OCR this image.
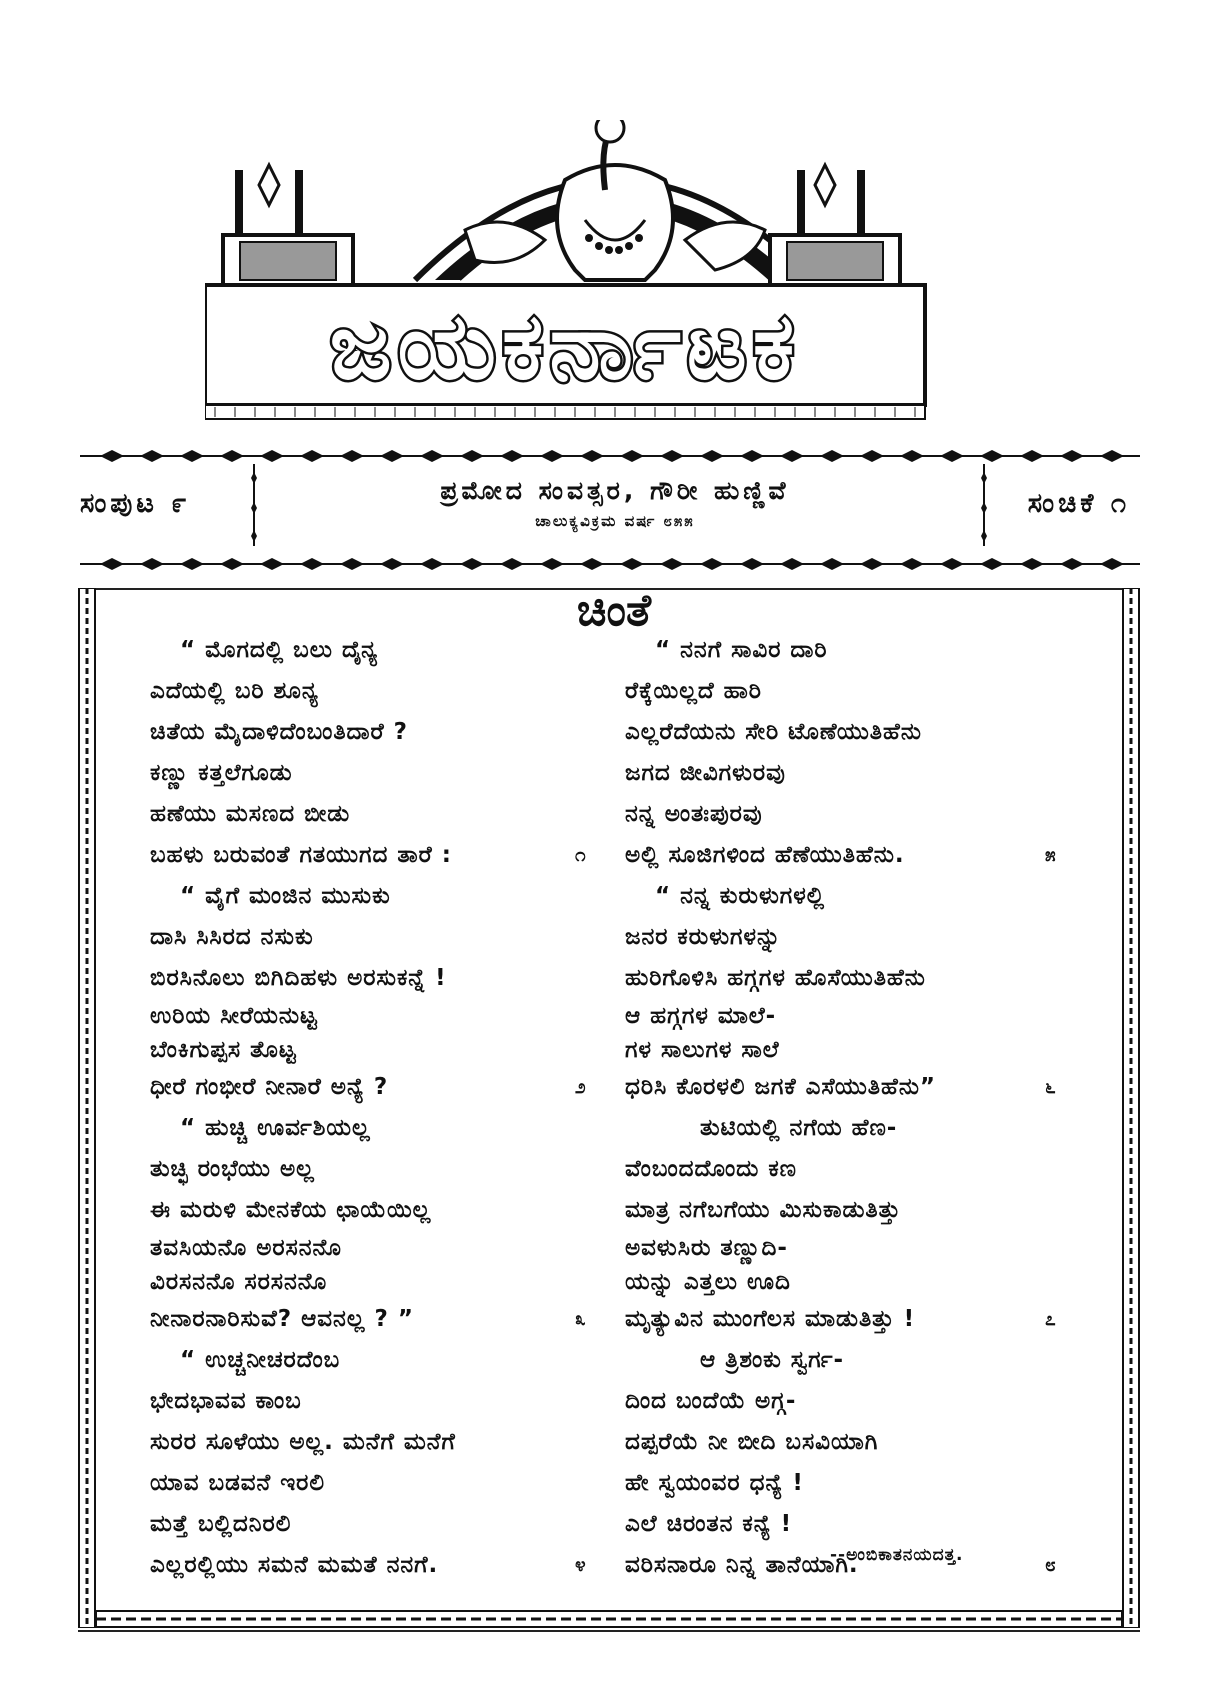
ಜಯಕರ್ನಾಟಕ
ಸಂಪುಟ ೯	ಪ್ರಮೋದ ಸಂವತ್ಸರ, ಗೌರೀ ಹುಣ್ಣಿವೆ
ಚಾಲುಕ್ಯವಿಕ್ರಮ ವರ್ಷ ೮೫೫
ಸಂಚಿಕೆ ೧
ಚಿಂತೆ
“ ಮೊಗದಲ್ಲಿ ಬಲು ದೈನ್ಯ
ಎದೆಯಲ್ಲಿ ಬರಿ ಶೂನ್ಯ
ಚಿತೆಯ ಮೈದಾಳಿದೆಂಬಂತಿದಾರೆ ?
ಕಣ್ಣು ಕತ್ತಲೆಗೂಡು
ಹಣೆಯು ಮಸಣದ ಬೀಡು
ಬಹಳು ಬರುವಂತೆ ಗತಯುಗದ ತಾರೆ :	೧
“ ವೈಗೆ ಮಂಜಿನ ಮುಸುಕು
ದಾಸಿ ಸಿಸಿರದ ನಸುಕು
ಬಿರಸಿನೊಲು ಬಿಗಿದಿಹಳು ಅರಸುಕನ್ನೆ !
ಉರಿಯ ಸೀರೆಯನುಟ್ಟ
ಬೆಂಕಿಗುಪ್ಪಸ ತೊಟ್ಟ
ಧೀರೆ ಗಂಭೀರೆ ನೀನಾರೆ ಅನ್ಯೆ ?	೨
“ ಹುಚ್ಚಿ ಊರ್ವಶಿಯಲ್ಲ
ತುಚ್ಛಿ ರಂಭೆಯು ಅಲ್ಲ
ಈ ಮರುಳಿ ಮೇನಕೆಯ ಛಾಯೆಯಿಲ್ಲ
ತವಸಿಯನೊ ಅರಸನನೊ
ವಿರಸನನೊ ಸರಸನನೊ
ನೀನಾರನಾರಿಸುವೆ? ಆವನಲ್ಲ ? ”	೩
“ ಉಚ್ಚನೀಚರದೆಂಬ
ಭೇದಭಾವವ ಕಾಂಬ
ಸುರರ ಸೂಳೆಯು ಅಲ್ಲ. ಮನೆಗೆ ಮನೆಗೆ
ಯಾವ ಬಡವನೆ ಇರಲಿ
ಮತ್ತೆ ಬಲ್ಲಿದನಿರಲಿ
ಎಲ್ಲರಲ್ಲಿಯು ಸಮನೆ ಮಮತೆ ನನಗೆ.	೪
“ ನನಗೆ ಸಾವಿರ ದಾರಿ
ರೆಕ್ಕೆಯಿಲ್ಲದೆ ಹಾರಿ
ಎಲ್ಲರೆದೆಯನು ಸೇರಿ ಟೊಣೆಯುತಿಹೆನು
ಜಗದ ಜೀವಿಗಳುರವು
ನನ್ನ ಅಂತಃಪುರವು
ಅಲ್ಲಿ ಸೂಜಿಗಳಿಂದ ಹೆಣೆಯುತಿಹೆನು.	೫
“ ನನ್ನ ಕುರುಳುಗಳಲ್ಲಿ
ಜನರ ಕರುಳುಗಳನ್ನು
ಹುರಿಗೊಳಿಸಿ ಹಗ್ಗಗಳ ಹೊಸೆಯುತಿಹೆನು
ಆ ಹಗ್ಗಗಳ ಮಾಲೆ-
ಗಳ ಸಾಲುಗಳ ಸಾಲೆ
ಧರಿಸಿ ಕೊರಳಲಿ ಜಗಕೆ ಎಸೆಯುತಿಹೆನು”	೬
ತುಟಿಯಲ್ಲಿ ನಗೆಯ ಹೆಣ-
ವೆಂಬಂದದೊಂದು ಕಣ
ಮಾತ್ರ ನಗೆಬಗೆಯು ಮಿಸುಕಾಡುತಿತ್ತು
ಅವಳುಸಿರು ತಣ್ಣುದಿ-
ಯನ್ನು ಎತ್ತಲು ಊದಿ
ಮೃತ್ಯುವಿನ ಮುಂಗೆಲಸ ಮಾಡುತಿತ್ತು !	೭
ಆ ತ್ರಿಶಂಕು ಸ್ವರ್ಗ-
ದಿಂದ ಬಂದೆಯೆ ಅಗ್ಗ-
ದಪ್ಪರೆಯೆ ನೀ ಬೀದಿ ಬಸವಿಯಾಗಿ
ಹೇ ಸ್ವಯಂವರ ಧನ್ಯೆ !
ಎಲೆ ಚಿರಂತನ ಕನ್ಯೆ !
ವರಿಸನಾರೂ ನಿನ್ನ ತಾನೆಯಾಗಿ.	೮
--ಅಂಬಿಕಾತನಯದತ್ತ.
